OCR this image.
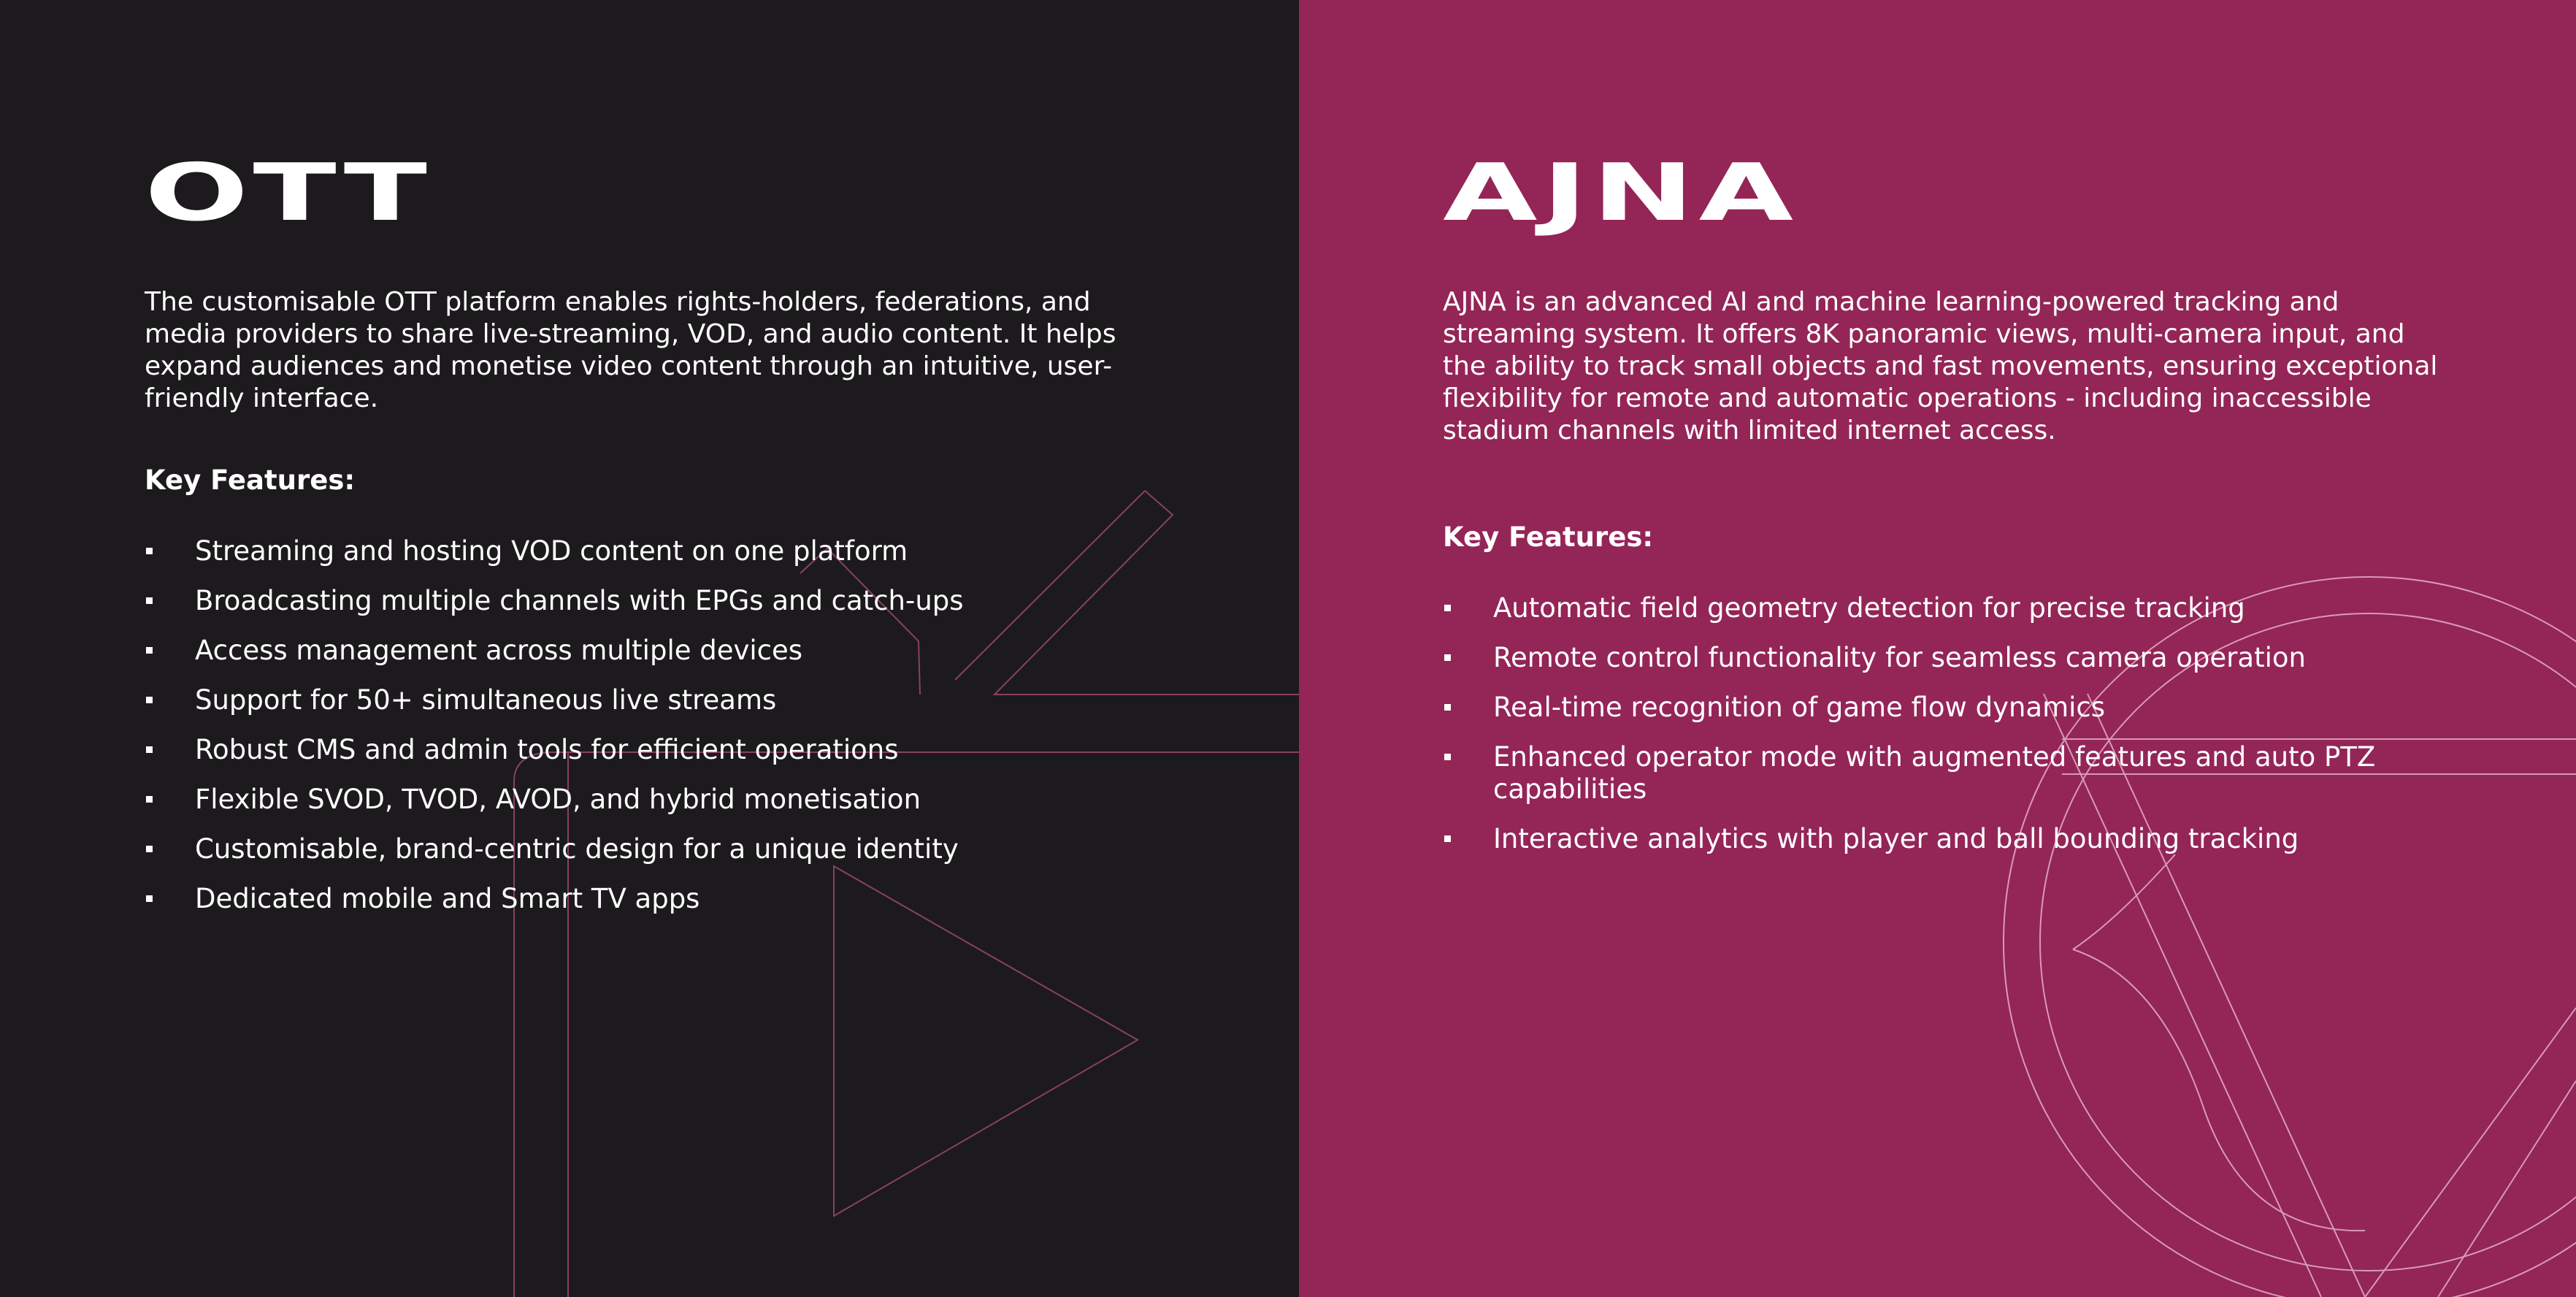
OTT

The customisable OTT platform enables rights-holders, federations, and media providers to share live-streaming, VOD, and audio content. It helps expand audiences and monetise video content through an intuitive, user-friendly interface.

Key Features:
Streaming and hosting VOD content on one platform
Broadcasting multiple channels with EPGs and catch-ups
Access management across multiple devices
Support for 50+ simultaneous live streams
Robust CMS and admin tools for efficient operations
Flexible SVOD, TVOD, AVOD, and hybrid monetisation
Customisable, brand-centric design for a unique identity
Dedicated mobile and Smart TV apps
AJNA

AJNA is an advanced AI and machine learning-powered tracking and streaming system. It offers 8K panoramic views, multi-camera input, and the ability to track small objects and fast movements, ensuring exceptional flexibility for remote and automatic operations - including inaccessible stadium channels with limited internet access.

Key Features:
Automatic field geometry detection for precise tracking
Remote control functionality for seamless camera operation
Real-time recognition of game flow dynamics
Enhanced operator mode with augmented features and auto PTZ capabilities
Interactive analytics with player and ball bounding tracking
